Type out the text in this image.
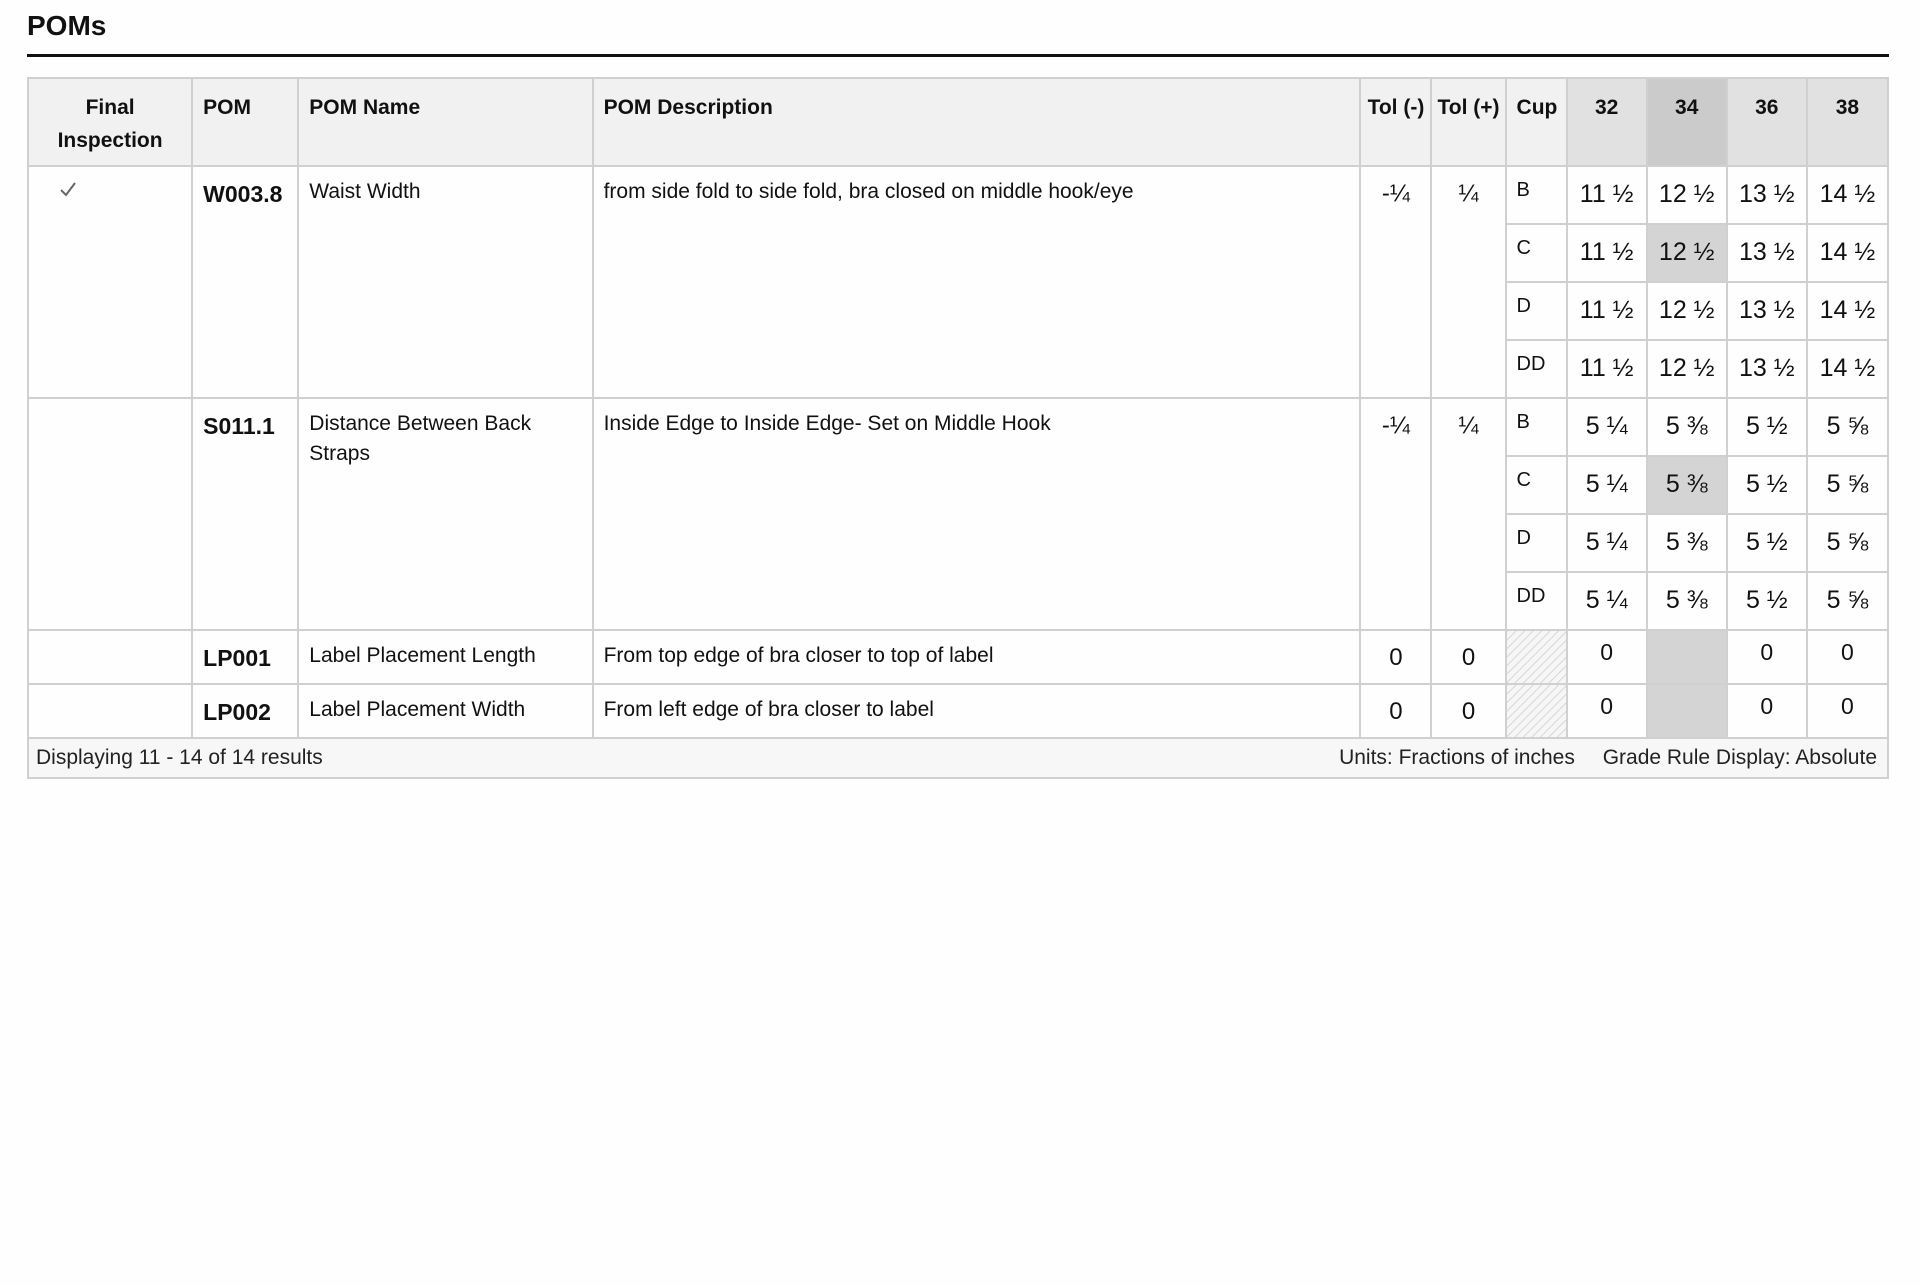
POMs
Final Inspection	POM	POM Name	POM Description	Tol (-)	Tol (+)	Cup	32	34	36	38
	W003.8	Waist Width	from side fold to side fold, bra closed on middle hook/eye	-¼	¼	B	11 ½	12 ½	13 ½	14 ½
						C	11 ½	12 ½	13 ½	14 ½
						D	11 ½	12 ½	13 ½	14 ½
						DD	11 ½	12 ½	13 ½	14 ½
	S011.1	Distance Between Back Straps	Inside Edge to Inside Edge- Set on Middle Hook	-¼	¼	B	5 ¼	5 ⅜	5 ½	5 ⅝
						C	5 ¼	5 ⅜	5 ½	5 ⅝
						D	5 ¼	5 ⅜	5 ½	5 ⅝
						DD	5 ¼	5 ⅜	5 ½	5 ⅝
	LP001	Label Placement Length	From top edge of bra closer to top of label	0	0		0		0	0
	LP002	Label Placement Width	From left edge of bra closer to label	0	0		0		0	0
Displaying 11 - 14 of 14 results	Units: Fractions of inches Grade Rule Display: Absolute
